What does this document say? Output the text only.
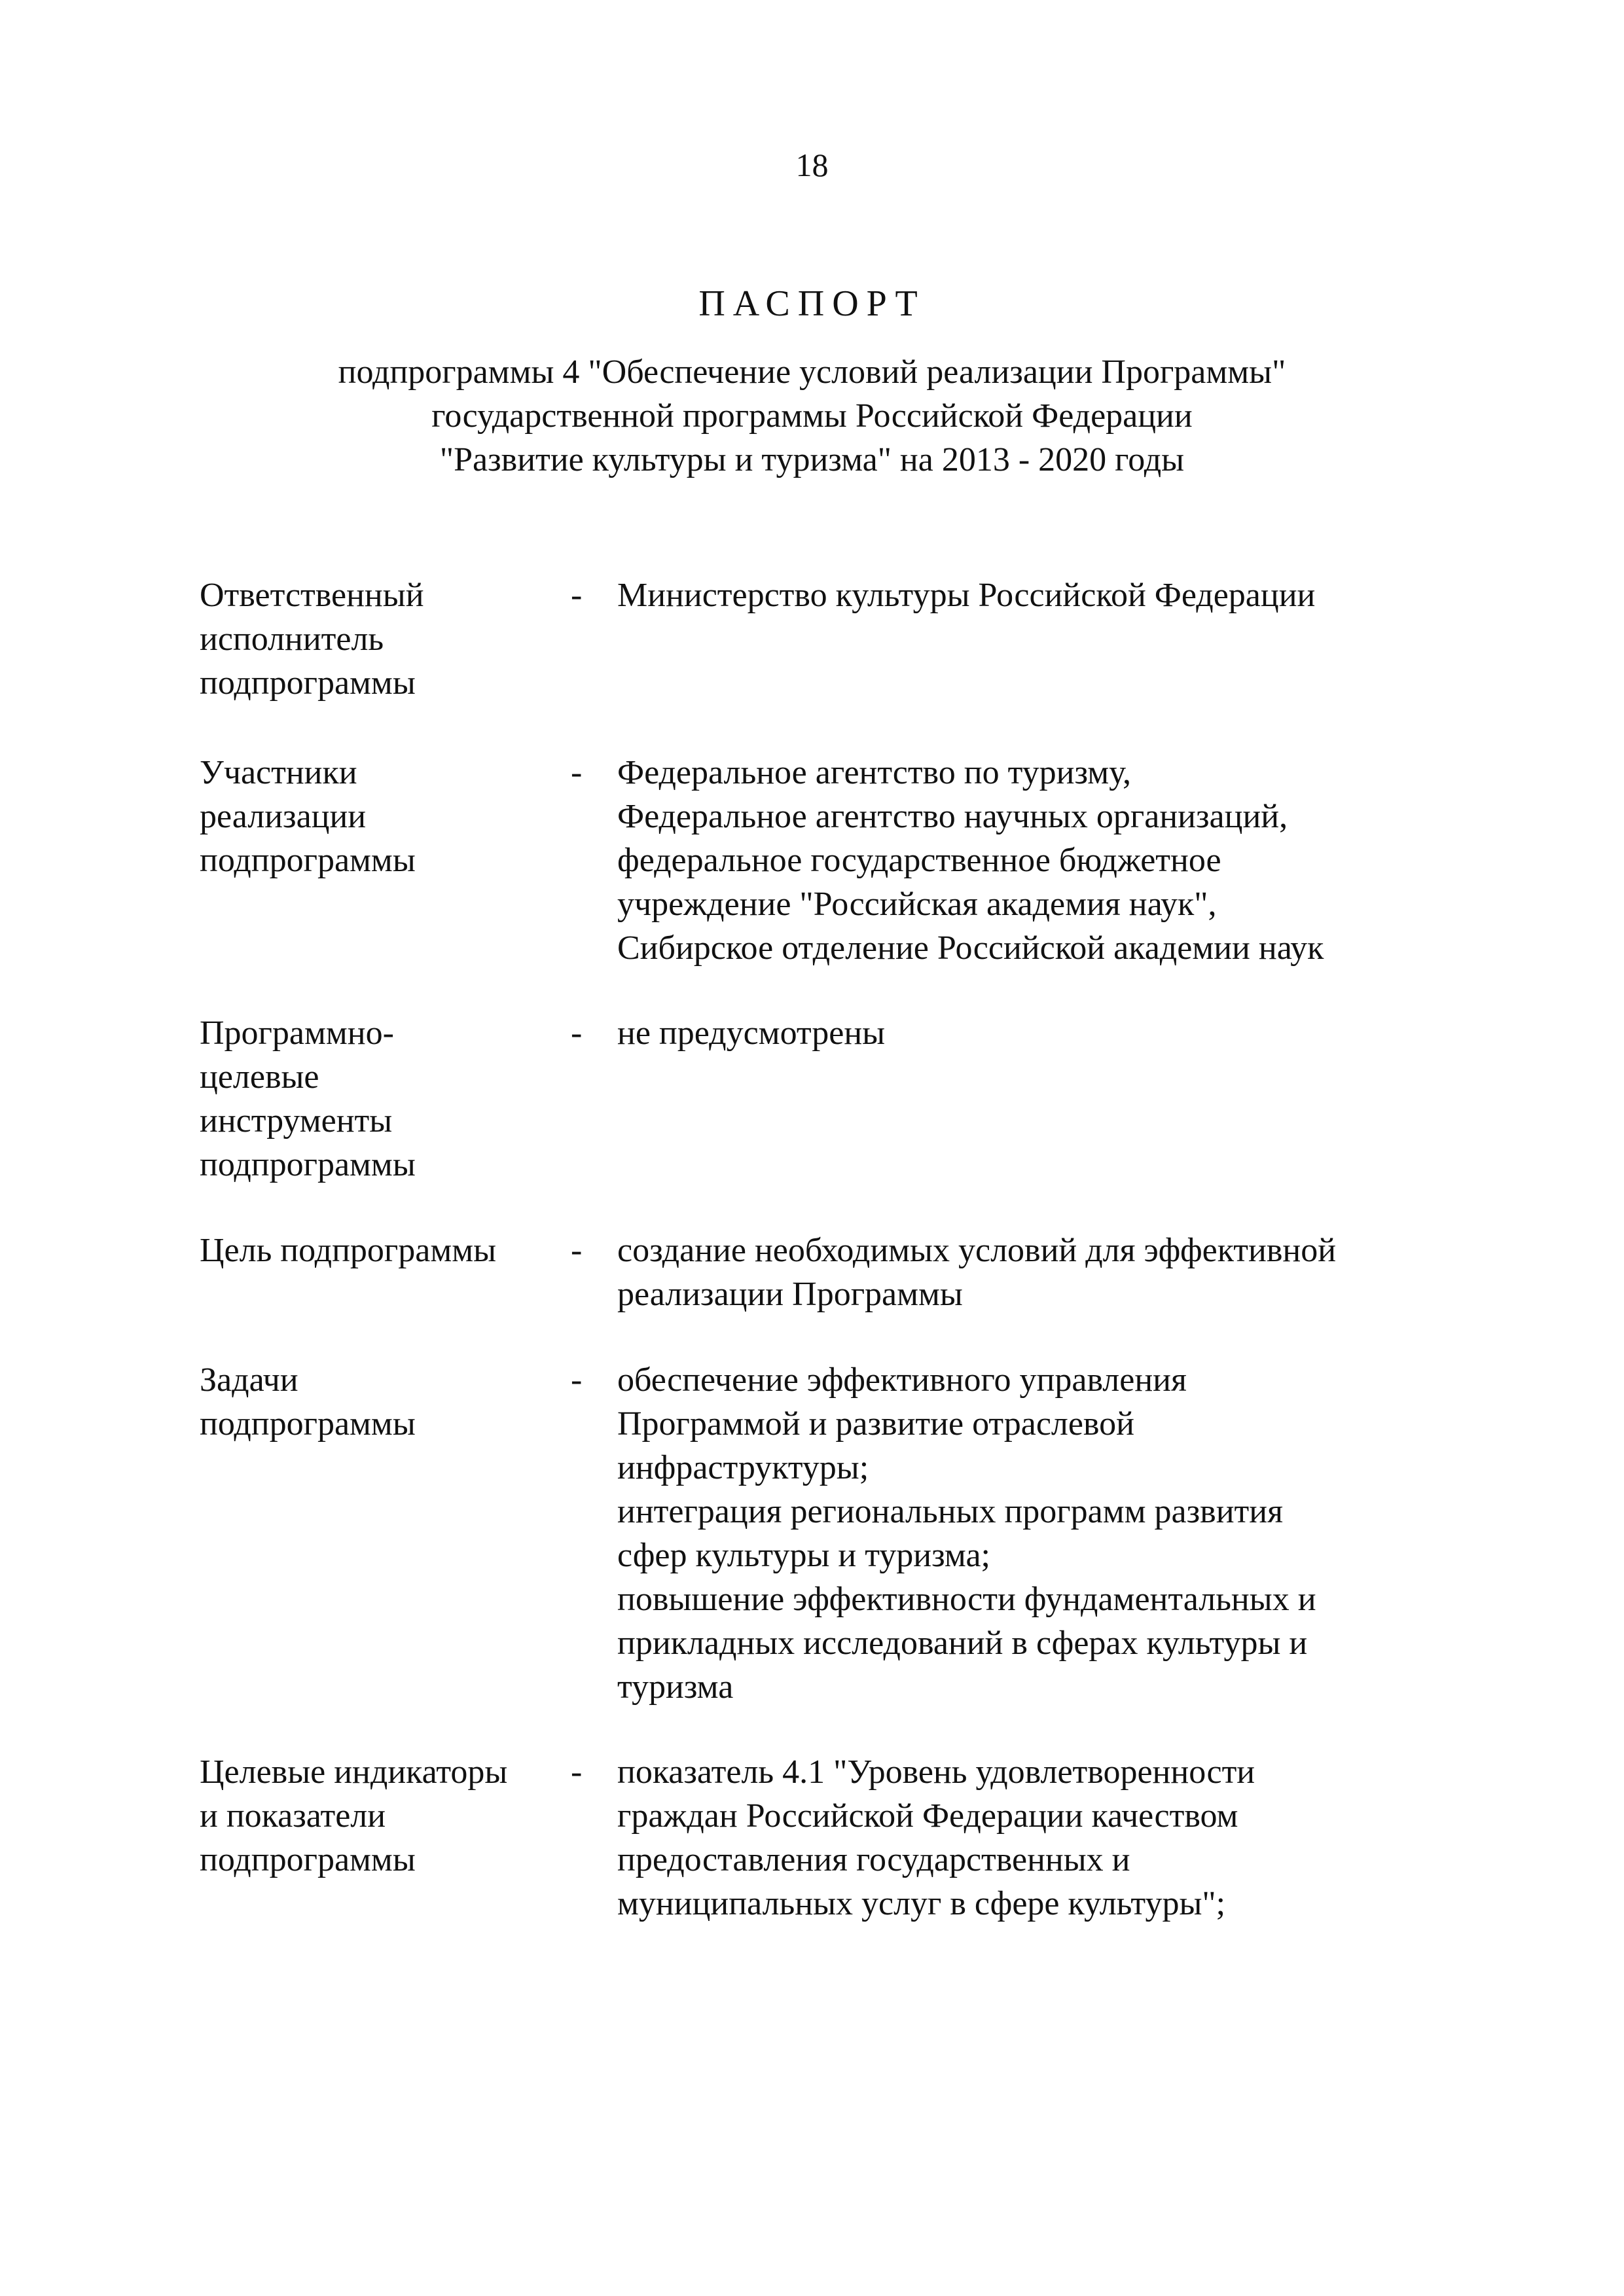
18
ПАСПОРТ
подпрограммы 4 "Обеспечение условий реализации Программы"
государственной программы Российской Федерации
"Развитие культуры и туризма" на 2013 - 2020 годы
Ответственный
исполнитель
подпрограммы
- Министерство культуры Российской Федерации
Участники
реализации
подпрограммы
- Федеральное агентство по туризму,
Федеральное агентство научных организаций,
федеральное государственное бюджетное
учреждение "Российская академия наук",
Сибирское отделение Российской академии наук
Программно-
целевые
инструменты
подпрограммы
- не предусмотрены
Цель подпрограммы	- создание необходимых условий для эффективной
реализации Программы
Задачи
подпрограммы
- обеспечение эффективного управления
Программой и развитие отраслевой
инфраструктуры;
интеграция региональных программ развития
сфер культуры и туризма;
повышение эффективности фундаментальных и
прикладных исследований в сферах культуры и
туризма
Целевые индикаторы
и показатели
подпрограммы
- показатель 4.1 "Уровень удовлетворенности
граждан Российской Федерации качеством
предоставления государственных и
муниципальных услуг в сфере культуры";
